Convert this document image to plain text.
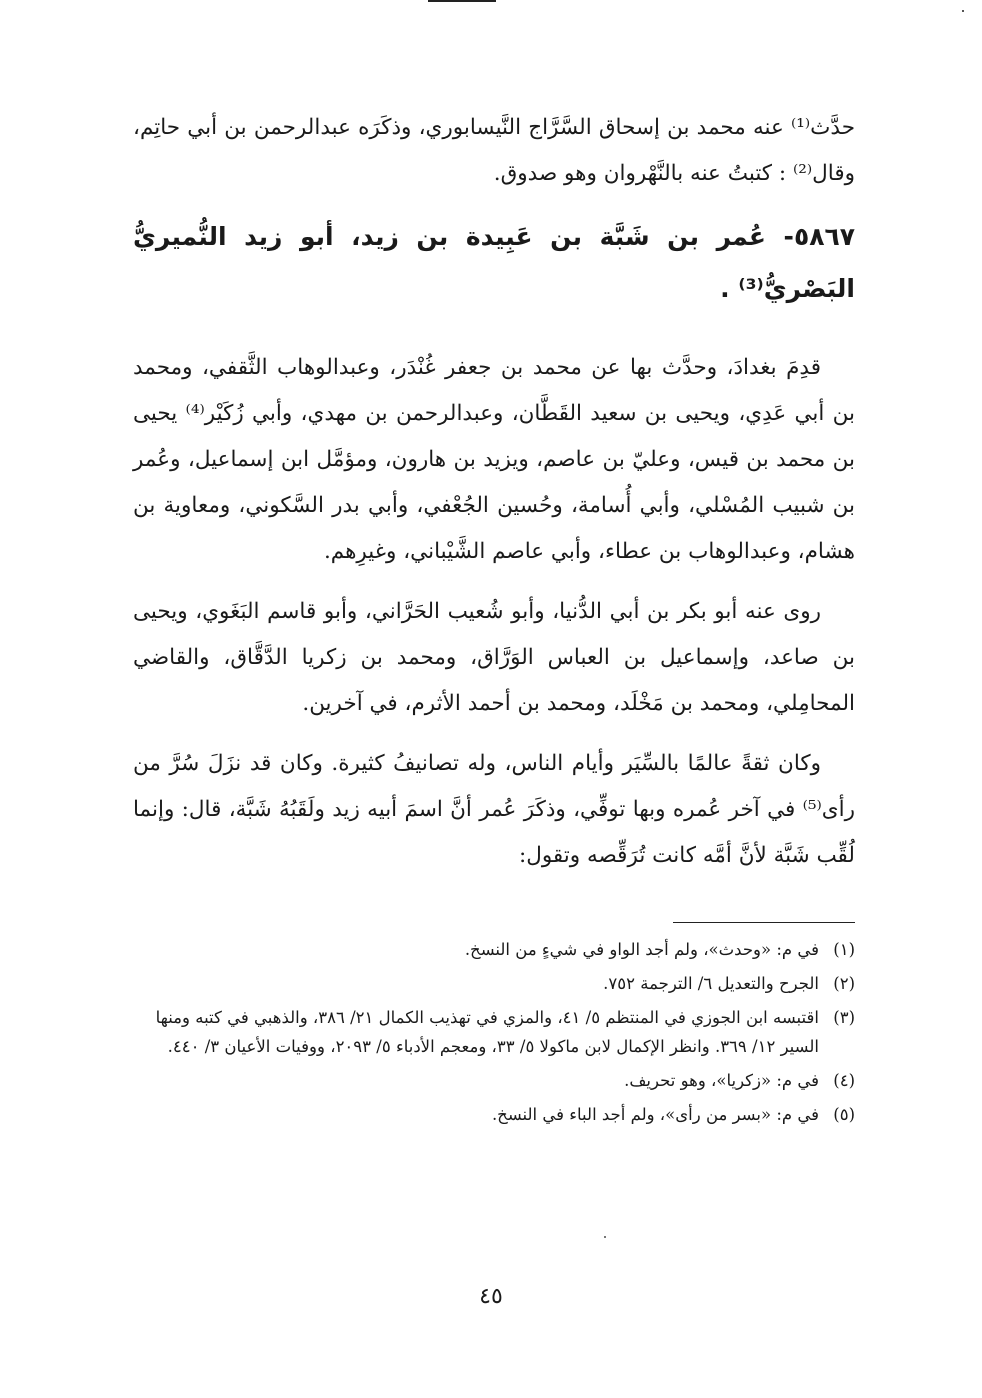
حدَّث⁽¹⁾ عنه محمد بن إسحاق السَّرَّاج النَّيسابوري، وذكَرَه عبدالرحمن بن أبي حاتِم، وقال⁽²⁾ : كتبتُ عنه بالنَّهْروان وهو صدوق.

٥٨٦٧- عُمر بن شَبَّة بن عَبِيدة بن زيد، أبو زيد النُّميريُّ البَصْريُّ⁽³⁾ .

قدِمَ بغدادَ، وحدَّث بها عن محمد بن جعفر غُنْدَر، وعبدالوهاب الثَّقفي، ومحمد بن أبي عَدِي، ويحيى بن سعيد القَطَّان، وعبدالرحمن بن مهدي، وأبي زُكَيْر⁽⁴⁾ يحيى بن محمد بن قيس، وعليّ بن عاصم، ويزيد بن هارون، ومؤمَّل ابن إسماعيل، وعُمر بن شبيب المُسْلي، وأبي أُسامة، وحُسين الجُعْفي، وأبي بدر السَّكوني، ومعاوية بن هشام، وعبدالوهاب بن عطاء، وأبي عاصم الشَّيْباني، وغيرِهم.

روى عنه أبو بكر بن أبي الدُّنيا، وأبو شُعيب الحَرَّاني، وأبو قاسم البَغَوي، ويحيى بن صاعد، وإسماعيل بن العباس الوَرَّاق، ومحمد بن زكريا الدَّقَّاق، والقاضي المحامِلي، ومحمد بن مَخْلَد، ومحمد بن أحمد الأثرم، في آخرين.

وكان ثقةً عالمًا بالسِّيَر وأيام الناس، وله تصانيفُ كثيرة. وكان قد نزَلَ سُرَّ من رأى⁽⁵⁾ في آخر عُمره وبها توفِّي، وذكَرَ عُمر أنَّ اسمَ أبيه زيد ولَقَبُهُ شَبَّة، قال: وإنما لُقِّب شَبَّة لأنَّ أمَّه كانت تُرَقِّصه وتقول:

(١)
في م: «وحدث»، ولم أجد الواو في شيءٍ من النسخ.
(٢)
الجرح والتعديل ٦/ الترجمة ٧٥٢.
(٣)
اقتبسه ابن الجوزي في المنتظم ٥/ ٤١، والمزي في تهذيب الكمال ٢١/ ٣٨٦، والذهبي في كتبه ومنها السير ١٢/ ٣٦٩. وانظر الإكمال لابن ماكولا ٥/ ٣٣، ومعجم الأدباء ٥/ ٢٠٩٣، ووفيات الأعيان ٣/ ٤٤٠.
(٤)
في م: «زكريا»، وهو تحريف.
(٥)
في م: «بسر من رأى»، ولم أجد الباء في النسخ.
٤٥
